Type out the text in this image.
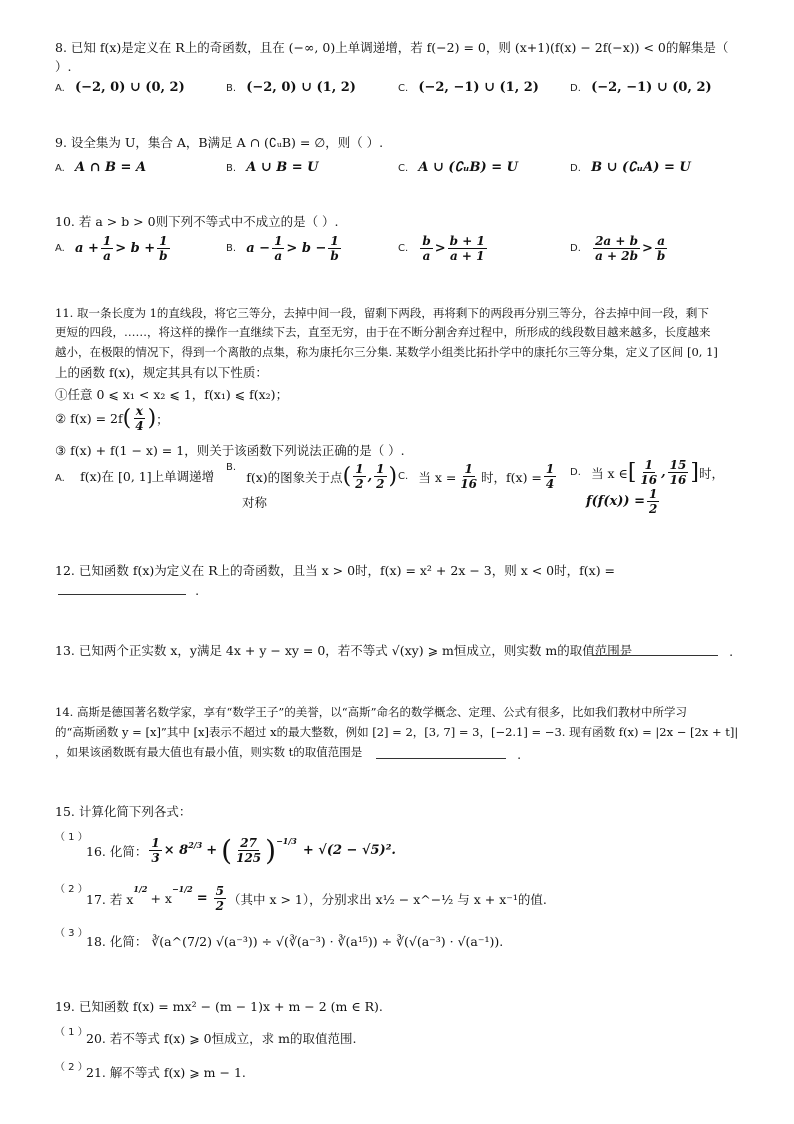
8. 已知 f(x)是定义在 R上的奇函数，且在 (−∞, 0)上单调递增，若 f(−2) = 0，则 (x+1)(f(x) − 2f(−x)) < 0的解集是（
）.
A. (−2, 0) ∪ (0, 2)	B. (−2, 0) ∪ (1, 2)	C. (−2, −1) ∪ (1, 2)	D. (−2, −1) ∪ (0, 2)
9. 设全集为 U，集合 A，B满足 A ∩ (∁ᵤB) = ∅，则（ ）.
A. A ∩ B = A	B. A ∪ B = U	C. A ∪ (∁ᵤB) = U	D. B ∪ (∁ᵤA) = U
10. 若 a > b > 0则下列不等式中不成立的是（ ）.
A.
$a + \frac{1}{a} > b + \frac{1}{b}$	B.
$a - \frac{1}{a} > b - \frac{1}{b}$	C.
$\frac{b}{a} > \frac{b + 1}{a + 1}$	D.
$\frac{2a + b}{a + 2b} > \frac{a}{b}$
11. 取一条长度为 1的直线段，将它三等分，去掉中间一段，留剩下两段，再将剩下的两段再分别三等分，谷去掉中间一段，剩下
更短的四段，……，将这样的操作一直继续下去，直至无穷，由于在不断分割舍弃过程中，所形成的线段数目越来越多，长度越来
越小，在极限的情况下，得到一个离散的点集，称为康托尔三分集. 某数学小组类比拓扑学中的康托尔三等分集，定义了区间 [0, 1]
上的函数 f(x)，规定其具有以下性质：
①任意 0 ⩽ x₁ < x₂ ⩽ 1，f(x₁) ⩽ f(x₂)；
② f(x) = 2f ( $\frac{x}{4}$ ) ；
③ f(x) + f(1 − x) = 1，则关于该函数下列说法正确的是（ ）.
A. f(x)在 [0, 1]上单调递增
B.

f(x)的图象关于点 ( $\frac{1}{2}$ , $\frac{1}{2}$ )
对称
C.
当 $x = \frac{1}{16}$ 时，$f(x) = \frac{1}{4} D$.
当 x ∈ [ $\frac{1}{16}$ , $\frac{15}{16}$ ] 时，
$f(f(x)) = \frac{1}{2}$
12. 已知函数 f(x)为定义在 R上的奇函数，且当 x > 0时，f(x) = x² + 2x − 3，则 x < 0时，f(x) =
.
13. 已知两个正实数 x，y满足 4x + y − xy = 0，若不等式 √(xy) ⩾ m恒成立，则实数 m的取值范围是	.
14. 高斯是德国著名数学家，享有“数学王子”的美誉，以“高斯”命名的数学概念、定理、公式有很多，比如我们教材中所学习
的“高斯函数 y = [x]”其中 [x]表示不超过 x的最大整数，例如 [2] = 2，[3, 7] = 3，[−2.1] = −3. 现有函数 f(x) = |2x − [2x + t]|
，如果该函数既有最大值也有最小值，则实数 t的取值范围是	.
15. 计算化简下列各式：
（ 1 ）
16. 化简： $\frac{1}{3} \times 8$ 2/3 + ( $\frac{27}{125}$ ) −1/3
+ √(2 − √5)².
（ 2 ）
17. 若 x
1/2
+ x
−1/2
= $\frac{5}{2}$ （其中 x > 1），分别求出 x½ − x^−½ 与 x + x⁻¹的值.
（ 3 ）
18. 化简： ∛(a^(7/2) √(a⁻³)) ÷ √(∛(a⁻³) · ∛(a¹⁵)) ÷ ∛(√(a⁻³) · √(a⁻¹)).
19. 已知函数 f(x) = mx² − (m − 1)x + m − 2 (m ∈ R).
（ 1 ）
20. 若不等式 f(x) ⩾ 0恒成立，求 m的取值范围.
（ 2 ）
21. 解不等式 f(x) ⩾ m − 1.
